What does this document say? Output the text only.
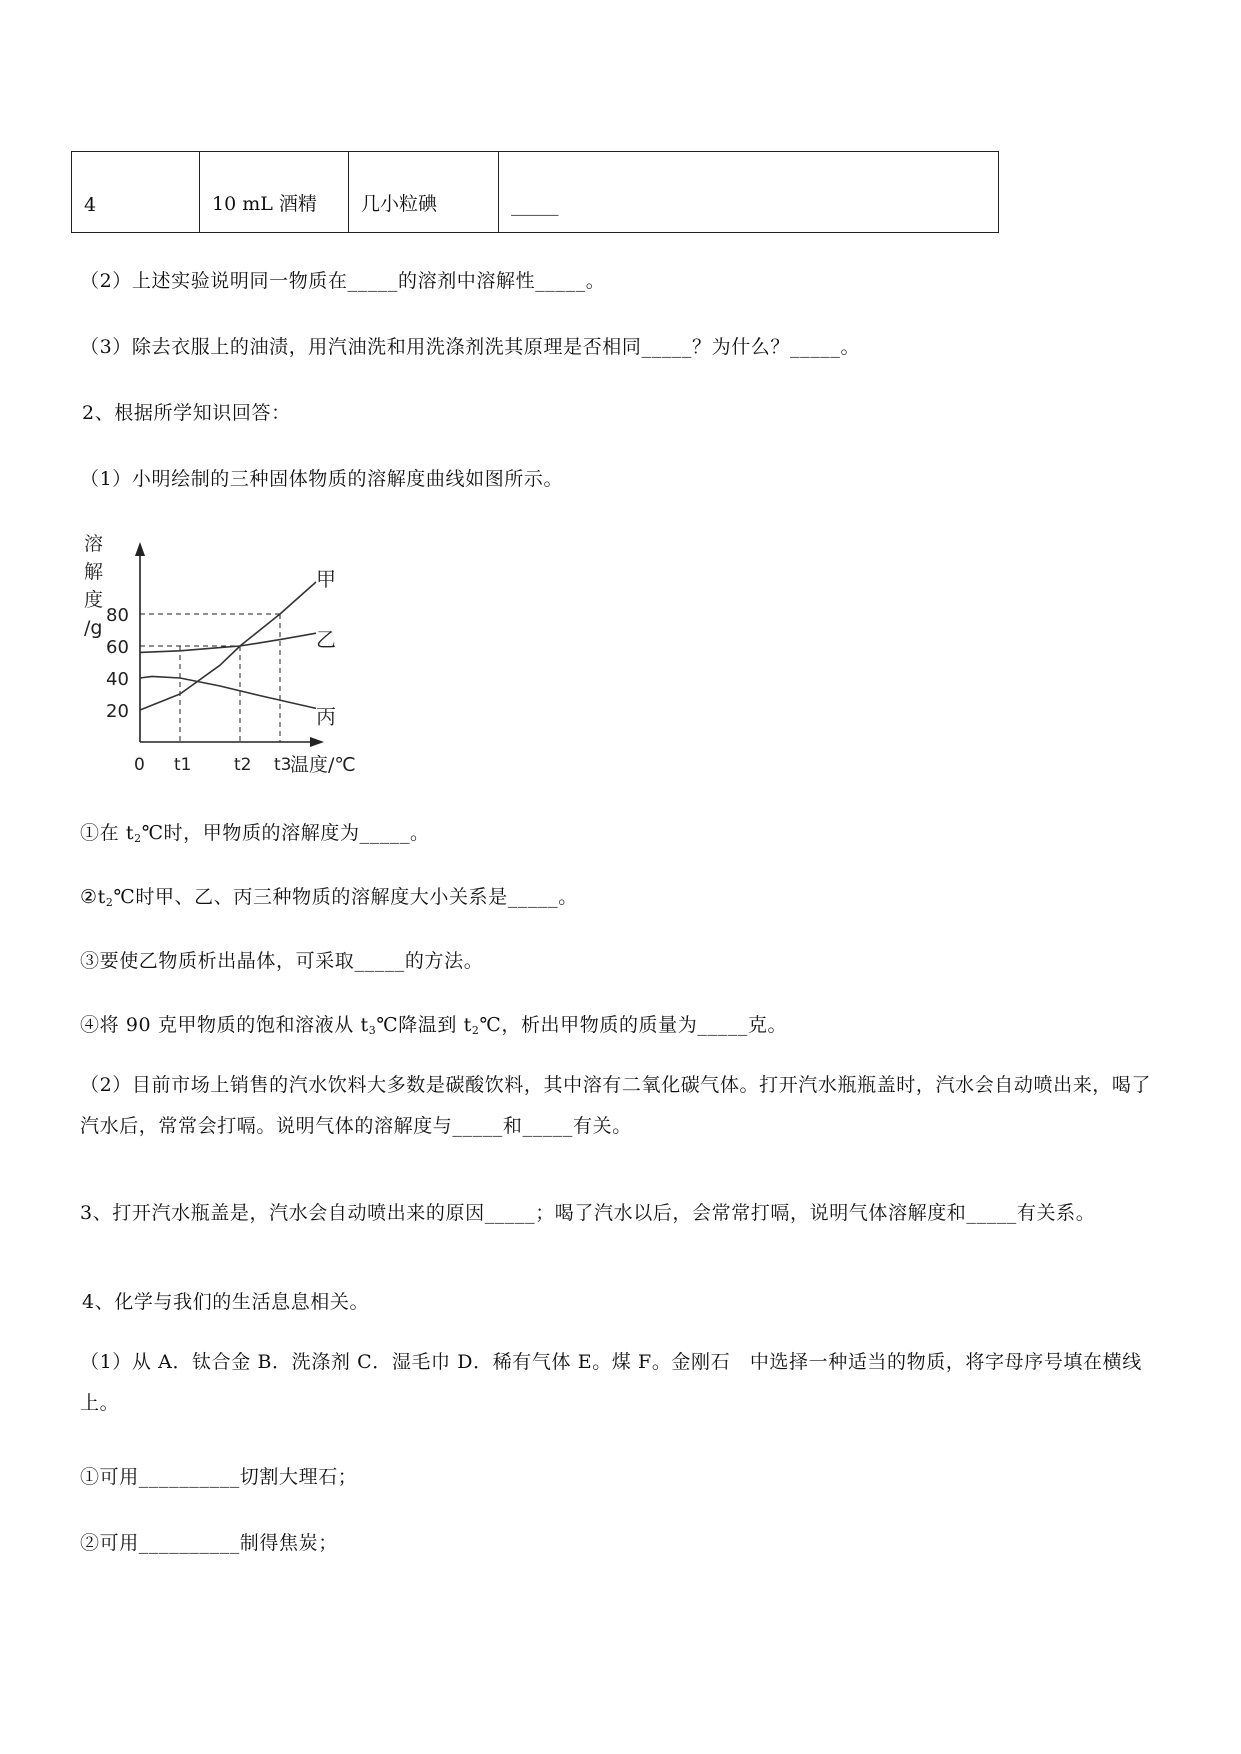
4	10 mL 酒精	几小粒碘	_____
（2）上述实验说明同一物质在_____的溶剂中溶解性_____。
（3）除去衣服上的油渍，用汽油洗和用洗涤剂洗其原理是否相同_____？为什么？_____。
2、根据所学知识回答：
（1）小明绘制的三种固体物质的溶解度曲线如图所示。
溶
解
度
/g
20
40
60
80
0 t1	t2 t3
温度/℃
甲
乙
丙
①在 t2℃时，甲物质的溶解度为_____。
②t2℃时甲、乙、丙三种物质的溶解度大小关系是_____。
③要使乙物质析出晶体，可采取_____的方法。
④将 90 克甲物质的饱和溶液从 t3℃降温到 t2℃，析出甲物质的质量为_____克。
（2）目前市场上销售的汽水饮料大多数是碳酸饮料，其中溶有二氧化碳气体。打开汽水瓶瓶盖时，汽水会自动喷出来，喝了汽水后，常常会打嗝。说明气体的溶解度与_____和_____有关。
3、打开汽水瓶盖是，汽水会自动喷出来的原因_____；喝了汽水以后，会常常打嗝，说明气体溶解度和_____有关系。
4、化学与我们的生活息息相关。
（1）从 A．钛合金 B．洗涤剂 C．湿毛巾 D．稀有气体 E。煤 F。金刚石　中选择一种适当的物质，将字母序号填在横线上。
①可用__________切割大理石；
②可用__________制得焦炭；
